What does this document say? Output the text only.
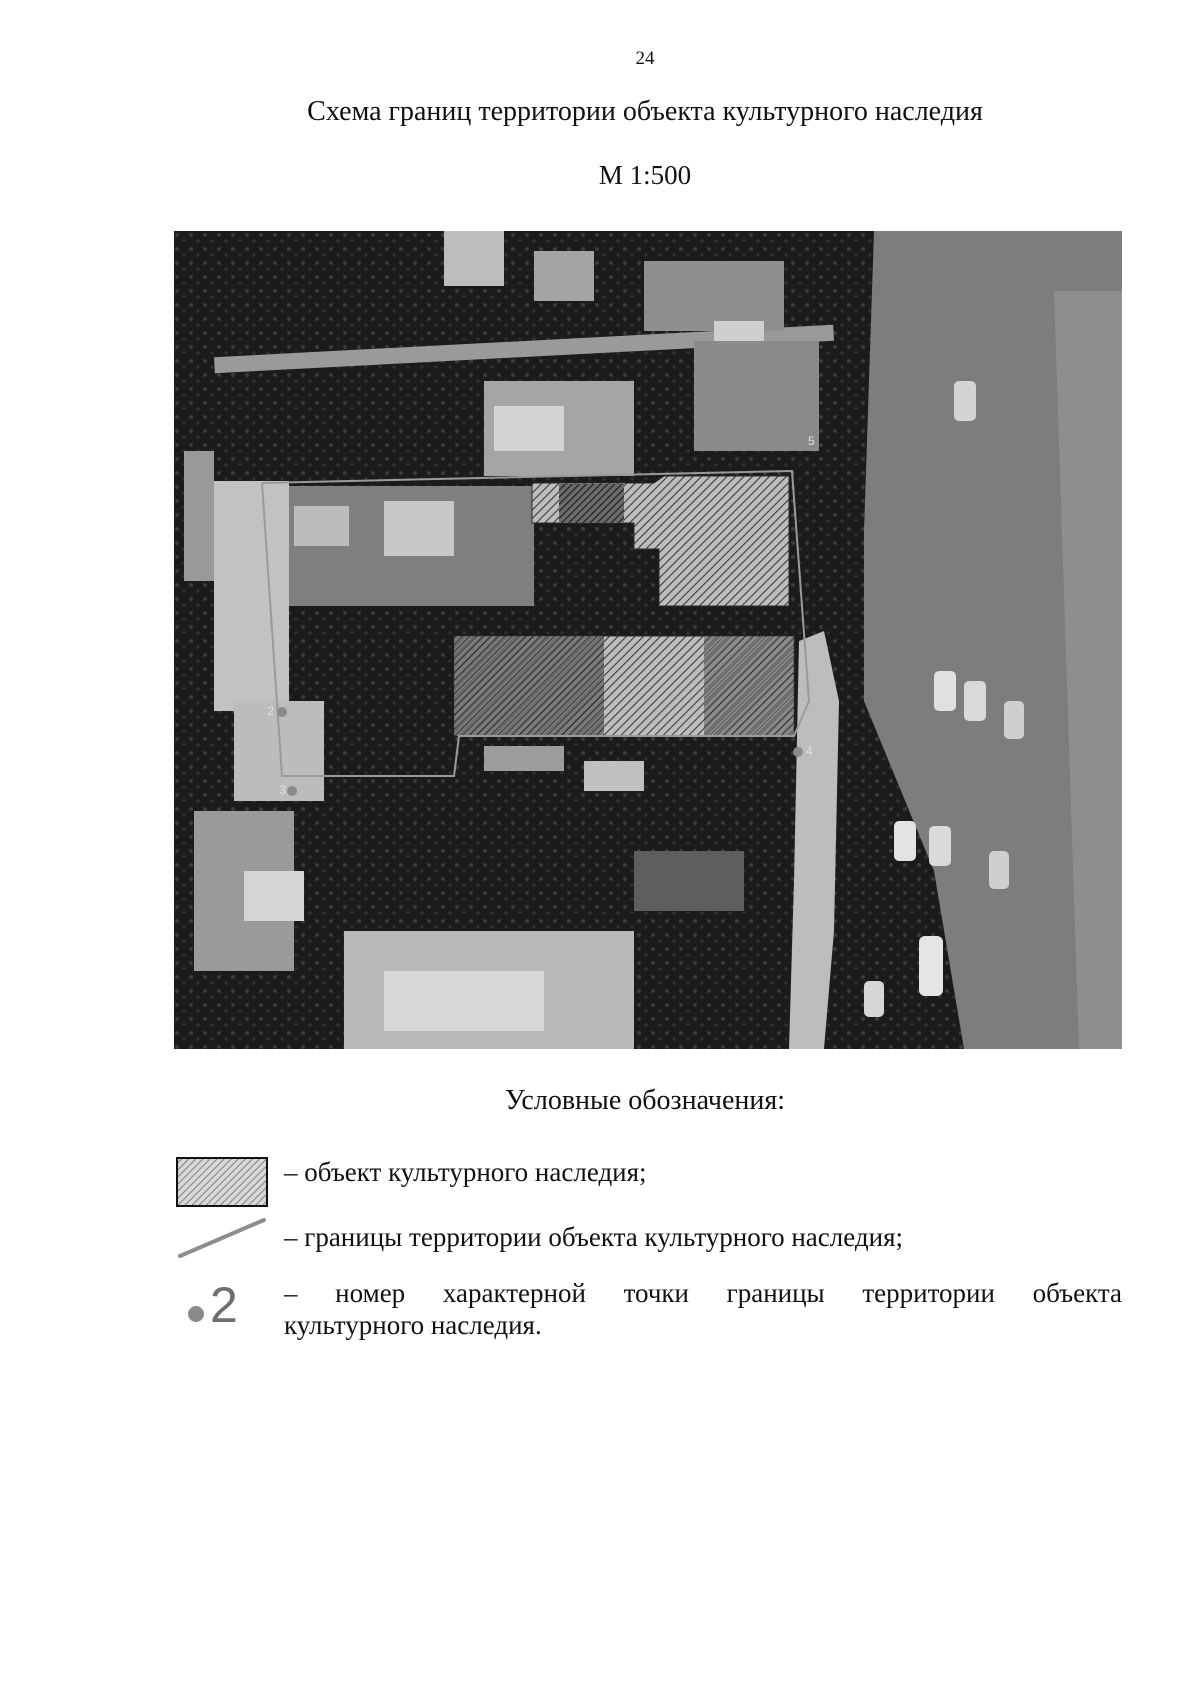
24
Схема границ территории объекта культурного наследия
М 1:500
2
3
4
5
Условные обозначения:
– объект культурного наследия;
– границы территории объекта культурного наследия;
2 – номер характерной точки границы территории объекта
культурного наследия.
